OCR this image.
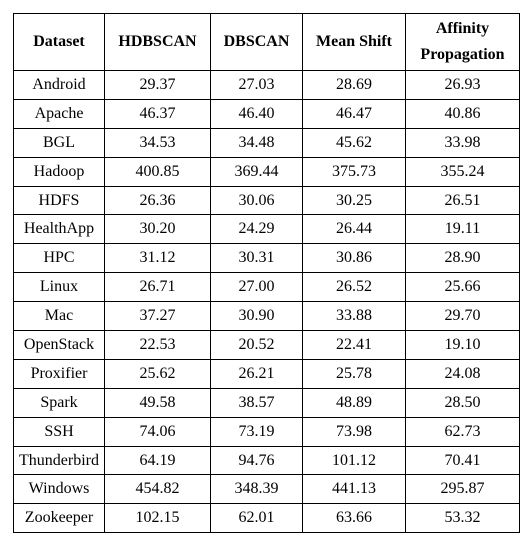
Dataset	HDBSCAN	DBSCAN	Mean Shift	Affinity
Propagation
Android	29.37	27.03	28.69	26.93
Apache	46.37	46.40	46.47	40.86
BGL	34.53	34.48	45.62	33.98
Hadoop	400.85	369.44	375.73	355.24
HDFS	26.36	30.06	30.25	26.51
HealthApp	30.20	24.29	26.44	19.11
HPC	31.12	30.31	30.86	28.90
Linux	26.71	27.00	26.52	25.66
Mac	37.27	30.90	33.88	29.70
OpenStack	22.53	20.52	22.41	19.10
Proxifier	25.62	26.21	25.78	24.08
Spark	49.58	38.57	48.89	28.50
SSH	74.06	73.19	73.98	62.73
Thunderbird	64.19	94.76	101.12	70.41
Windows	454.82	348.39	441.13	295.87
Zookeeper	102.15	62.01	63.66	53.32
